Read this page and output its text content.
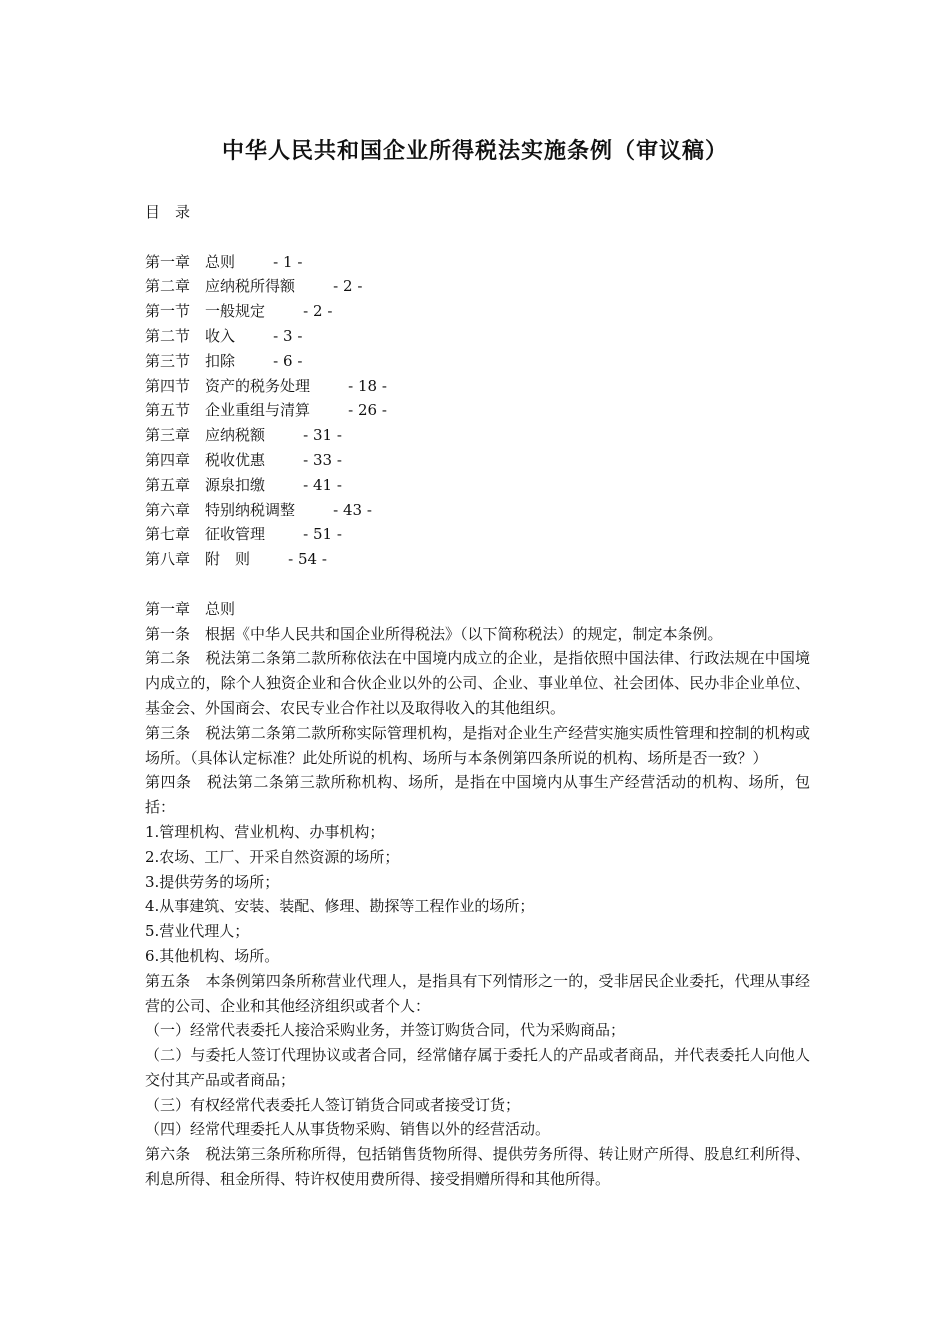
中华人民共和国企业所得税法实施条例（审议稿）
目　录
第一章　总则	- 1 -
第二章　应纳税所得额	- 2 -
第一节　一般规定	- 2 -
第二节　收入	- 3 -
第三节　扣除	- 6 -
第四节　资产的税务处理	- 18 -
第五节　企业重组与清算	- 26 -
第三章　应纳税额	- 31 -
第四章　税收优惠	- 33 -
第五章　源泉扣缴	- 41 -
第六章　特别纳税调整	- 43 -
第七章　征收管理	- 51 -
第八章　附　则	- 54 -
第一章　总则
第一条　根据《中华人民共和国企业所得税法》（以下简称税法）的规定，制定本条例。
第二条　税法第二条第二款所称依法在中国境内成立的企业，是指依照中国法律、行政法规在中国境内成立的，除个人独资企业和合伙企业以外的公司、企业、事业单位、社会团体、民办非企业单位、基金会、外国商会、农民专业合作社以及取得收入的其他组织。
第三条　税法第二条第二款所称实际管理机构，是指对企业生产经营实施实质性管理和控制的机构或场所。（具体认定标准？此处所说的机构、场所与本条例第四条所说的机构、场所是否一致？）
第四条　税法第二条第三款所称机构、场所，是指在中国境内从事生产经营活动的机构、场所，包括：
1.管理机构、营业机构、办事机构；
2.农场、工厂、开采自然资源的场所；
3.提供劳务的场所；
4.从事建筑、安装、装配、修理、勘探等工程作业的场所；
5.营业代理人；
6.其他机构、场所。
第五条　本条例第四条所称营业代理人，是指具有下列情形之一的，受非居民企业委托，代理从事经营的公司、企业和其他经济组织或者个人：
（一）经常代表委托人接洽采购业务，并签订购货合同，代为采购商品；
（二）与委托人签订代理协议或者合同，经常储存属于委托人的产品或者商品，并代表委托人向他人交付其产品或者商品；
（三）有权经常代表委托人签订销货合同或者接受订货；
（四）经常代理委托人从事货物采购、销售以外的经营活动。
第六条　税法第三条所称所得，包括销售货物所得、提供劳务所得、转让财产所得、股息红利所得、利息所得、租金所得、特许权使用费所得、接受捐赠所得和其他所得。
